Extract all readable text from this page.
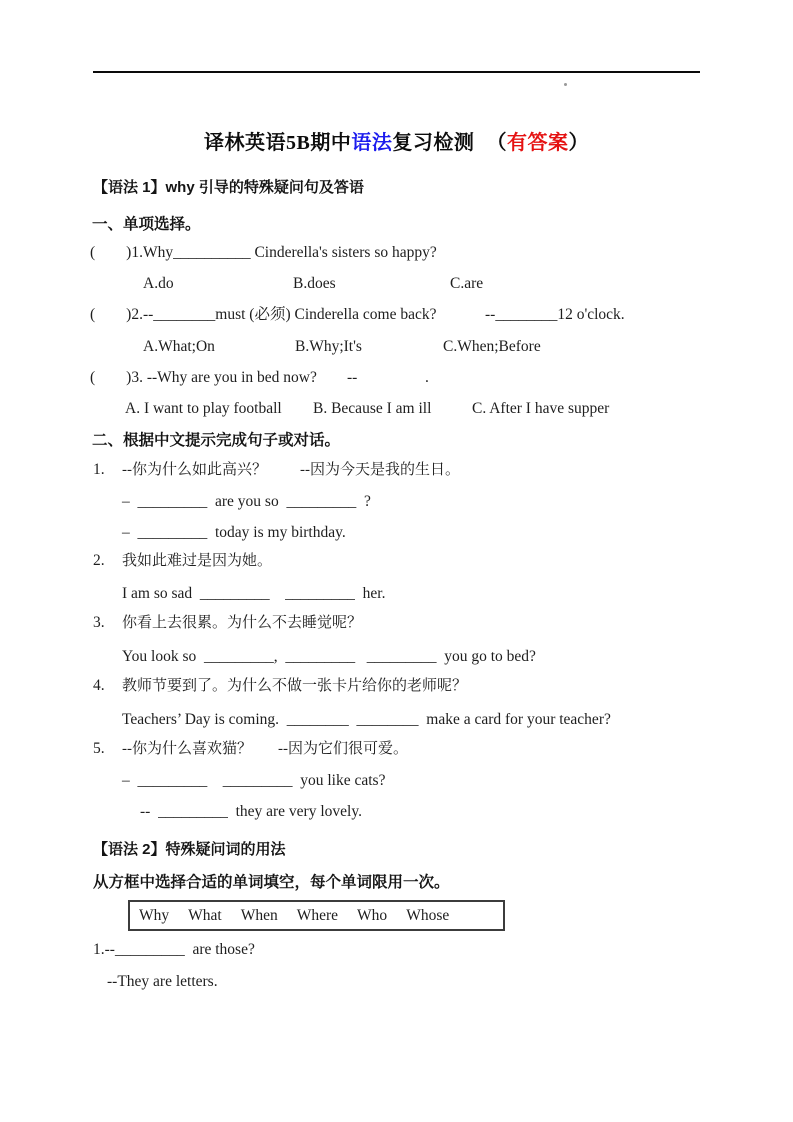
译林英语5B期中语法复习检测 （有答案）
【语法 1】why 引导的特殊疑问句及答语
一、单项选择。
(        )1.Why__________ Cinderella's sisters so happy?
A.do	B.does	C.are
(        )2.--________must (必须) Cinderella come back?	--________12 o'clock.
A.What;On	B.Why;It's	C.When;Before
(        )3. --Why are you in bed now? --	.
A. I want to play football B. Because I am ill	C. After I have supper
二、根据中文提示完成句子或对话。
1. --你为什么如此高兴？ --因为今天是我的生日。
–  _________  are you so  _________  ?
–  _________  today is my birthday.
2. 我如此难过是因为她。
I am so sad  _________    _________  her.
3. 你看上去很累。为什么不去睡觉呢？
You look so  _________,  _________   _________  you go to bed?
4. 教师节要到了。为什么不做一张卡片给你的老师呢？
Teachers’ Day is coming.  ________  ________  make a card for your teacher?
5. --你为什么喜欢猫？ --因为它们很可爱。
–  _________    _________  you like cats?
--  _________  they are very lovely.
【语法 2】特殊疑问词的用法
从方框中选择合适的单词填空，每个单词限用一次。
Why What When Where Who Whose
1.--_________  are those?
--They are letters.
